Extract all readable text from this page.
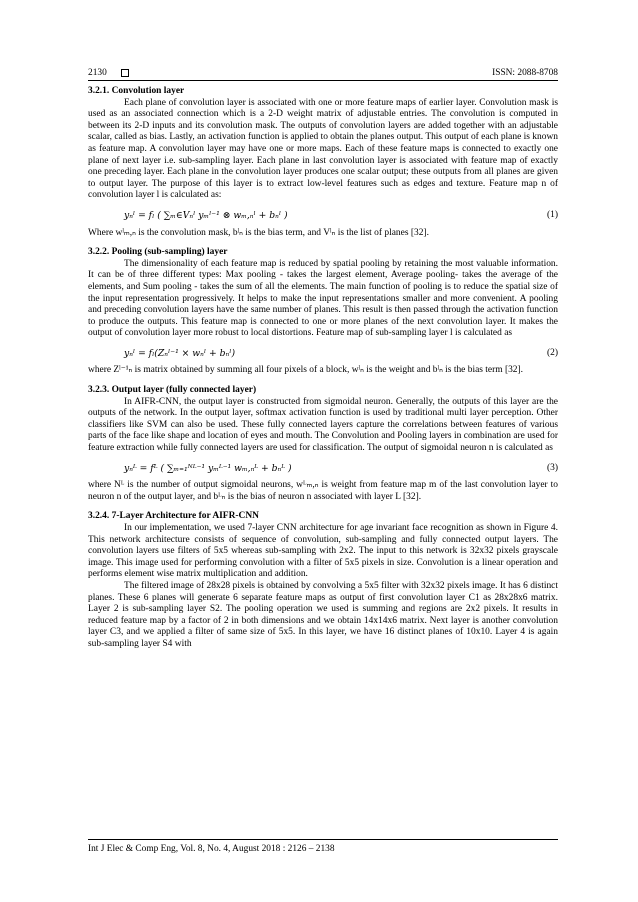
2130	ISSN: 2088-8708

3.2.1. Convolution layer

Each plane of convolution layer is associated with one or more feature maps of earlier layer. Convolution mask is used as an associated connection which is a 2-D weight matrix of adjustable entries. The convolution is computed in between its 2-D inputs and its convolution mask. The outputs of convolution layers are added together with an adjustable scalar, called as bias. Lastly, an activation function is applied to obtain the planes output. This output of each plane is known as feature map. A convolution layer may have one or more maps. Each of these feature maps is connected to exactly one plane of next layer i.e. sub-sampling layer. Each plane in last convolution layer is associated with feature map of exactly one preceding layer. Each plane in the convolution layer produces one scalar output; these outputs from all planes are given to output layer. The purpose of this layer is to extract low-level features such as edges and texture. Feature map n of convolution layer l is calculated as:

yₙˡ = fₗ ( ∑ₘ∈Vₙˡ yₘˡ⁻¹ ⊗ wₘ,ₙˡ + bₙˡ )	(1)

Where wˡₘ,ₙ is the convolution mask, bˡₙ is the bias term, and Vˡₙ is the list of planes [32].

3.2.2. Pooling (sub-sampling) layer

The dimensionality of each feature map is reduced by spatial pooling by retaining the most valuable information. It can be of three different types: Max pooling - takes the largest element, Average pooling- takes the average of the elements, and Sum pooling - takes the sum of all the elements. The main function of pooling is to reduce the spatial size of the input representation progressively. It helps to make the input representations smaller and more convenient. A pooling and preceding convolution layers have the same number of planes. This result is then passed through the activation function to produce the outputs. This feature map is connected to one or more planes of the next convolution layer. It makes the output of convolution layer more robust to local distortions. Feature map of sub-sampling layer l is calculated as

yₙˡ = fₗ(Zₙˡ⁻¹ × wₙˡ + bₙˡ)	(2)

where Zˡ⁻¹ₙ is matrix obtained by summing all four pixels of a block, wˡₙ is the weight and bˡₙ is the bias term [32].

3.2.3. Output layer (fully connected layer)

In AIFR-CNN, the output layer is constructed from sigmoidal neuron. Generally, the outputs of this layer are the outputs of the network. In the output layer, softmax activation function is used by traditional multi layer perception. Other classifiers like SVM can also be used. These fully connected layers capture the correlations between features of various parts of the face like shape and location of eyes and mouth. The Convolution and Pooling layers in combination are used for feature extraction while fully connected layers are used for classification. The output of sigmoidal neuron n is calculated as

yₙᴸ = fᴸ ( ∑ₘ₌₁ᴺᴸ⁻¹ yₘᴸ⁻¹ wₘ,ₙᴸ + bₙᴸ )	(3)

where Nᴸ is the number of output sigmoidal neurons, wᴸₘ,ₙ is weight from feature map m of the last convolution layer to neuron n of the output layer, and bᴸₙ is the bias of neuron n associated with layer L [32].

3.2.4. 7-Layer Architecture for AIFR-CNN

In our implementation, we used 7-layer CNN architecture for age invariant face recognition as shown in Figure 4. This network architecture consists of sequence of convolution, sub-sampling and fully connected output layers. The convolution layers use filters of 5x5 whereas sub-sampling with 2x2. The input to this network is 32x32 pixels grayscale image. This image used for performing convolution with a filter of 5x5 pixels in size. Convolution is a linear operation and performs element wise matrix multiplication and addition.

The filtered image of 28x28 pixels is obtained by convolving a 5x5 filter with 32x32 pixels image. It has 6 distinct planes. These 6 planes will generate 6 separate feature maps as output of first convolution layer C1 as 28x28x6 matrix. Layer 2 is sub-sampling layer S2. The pooling operation we used is summing and regions are 2x2 pixels. It results in reduced feature map by a factor of 2 in both dimensions and we obtain 14x14x6 matrix. Next layer is another convolution layer C3, and we applied a filter of same size of 5x5. In this layer, we have 16 distinct planes of 10x10. Layer 4 is again sub-sampling layer S4 with

Int J Elec & Comp Eng, Vol. 8, No. 4, August 2018 : 2126 – 2138
